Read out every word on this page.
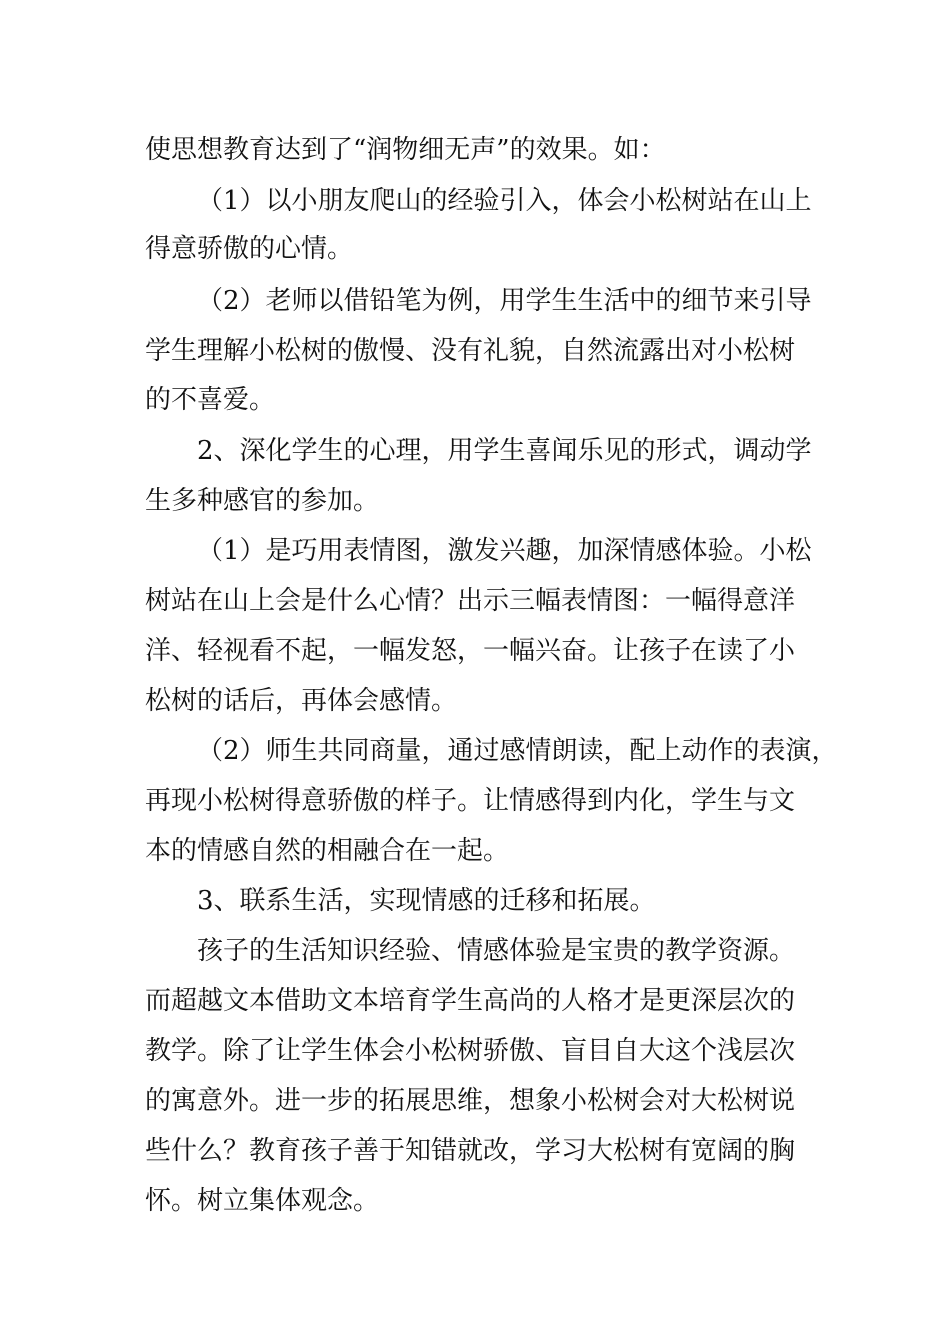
使思想教育达到了“润物细无声”的效果。如：
（1）以小朋友爬山的经验引入，体会小松树站在山上
得意骄傲的心情。
（2）老师以借铅笔为例，用学生生活中的细节来引导
学生理解小松树的傲慢、没有礼貌，自然流露出对小松树
的不喜爱。
2、深化学生的心理，用学生喜闻乐见的形式，调动学
生多种感官的参加。
（1）是巧用表情图，激发兴趣，加深情感体验。小松
树站在山上会是什么心情？出示三幅表情图：一幅得意洋
洋、轻视看不起，一幅发怒，一幅兴奋。让孩子在读了小
松树的话后，再体会感情。
（2）师生共同商量，通过感情朗读，配上动作的表演，
再现小松树得意骄傲的样子。让情感得到内化，学生与文
本的情感自然的相融合在一起。
3、联系生活，实现情感的迁移和拓展。
孩子的生活知识经验、情感体验是宝贵的教学资源。
而超越文本借助文本培育学生高尚的人格才是更深层次的
教学。除了让学生体会小松树骄傲、盲目自大这个浅层次
的寓意外。进一步的拓展思维，想象小松树会对大松树说
些什么？教育孩子善于知错就改，学习大松树有宽阔的胸
怀。树立集体观念。
